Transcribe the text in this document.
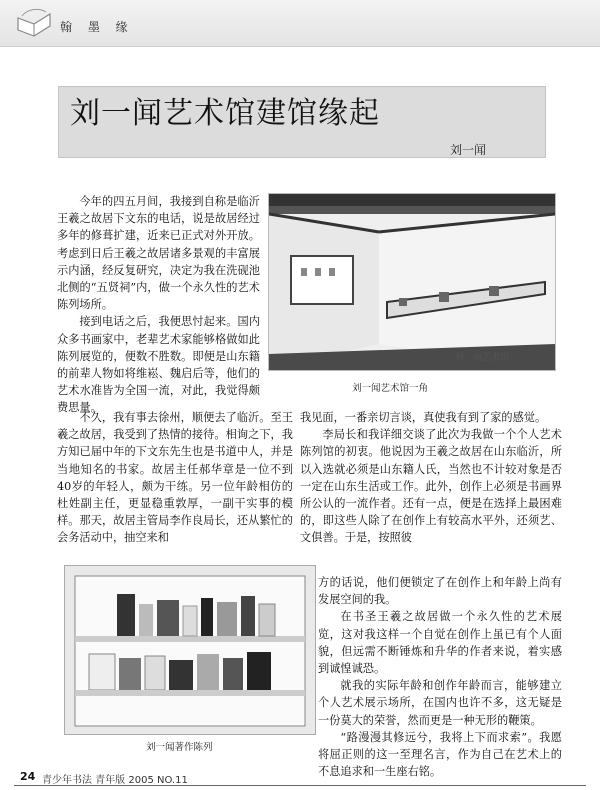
翰 墨 缘
刘一闻艺术馆建馆缘起
刘一闻

今年的四五月间，我接到自称是临沂王羲之故居下文东的电话，说是故居经过多年的修葺扩建，近来已正式对外开放。考虑到日后王羲之故居诸多景观的丰富展示内涵，经反复研究，决定为我在洗砚池北侧的“五贤祠”内，做一个永久性的艺术陈列场所。

接到电话之后，我便思忖起来。国内众多书画家中，老辈艺术家能够格做如此陈列展览的，便数不胜数。即便是山东籍的前辈人物如将维崧、魏启后等，他们的艺术水准皆为全国一流，对此，我觉得颇费思量。

刘一闻艺术馆
刘一闻艺术馆一角

不久，我有事去徐州，顺便去了临沂。至王羲之故居，我受到了热情的接待。相询之下，我方知已届中年的下文东先生也是书道中人，并是当地知名的书家。故居主任郝华章是一位不到40岁的年轻人，颇为干练。另一位年龄相仿的杜姓副主任，更显稳重敦厚，一副干实事的模样。那天，故居主管局李作良局长，还从繁忙的会务活动中，抽空来和

我见面，一番亲切言谈，真使我有到了家的感觉。

李局长和我详细交谈了此次为我做一个个人艺术陈列馆的初衷。他说因为王羲之故居在山东临沂，所以入选就必须是山东籍人氏，当然也不计较对象是否一定在山东生活或工作。此外，创作上必须是书画界所公认的一流作者。还有一点，便是在选择上最困难的，即这些人除了在创作上有较高水平外，还须艺、文俱善。于是，按照彼

方的话说，他们便锁定了在创作上和年龄上尚有发展空间的我。

在书圣王羲之故居做一个永久性的艺术展览，这对我这样一个自觉在创作上虽已有个人面貌，但远需不断锤炼和升华的作者来说，着实感到诚惶诚恐。

就我的实际年龄和创作年龄而言，能够建立个人艺术展示场所，在国内也许不多，这无疑是一份莫大的荣誉，然而更是一种无形的鞭策。

“路漫漫其修远兮，我将上下而求索”。我愿将屈正则的这一至理名言，作为自己在艺术上的不息追求和一生座右铭。

刘一闻著作陈列
24 青少年书法 青年版 2005 NO.11
